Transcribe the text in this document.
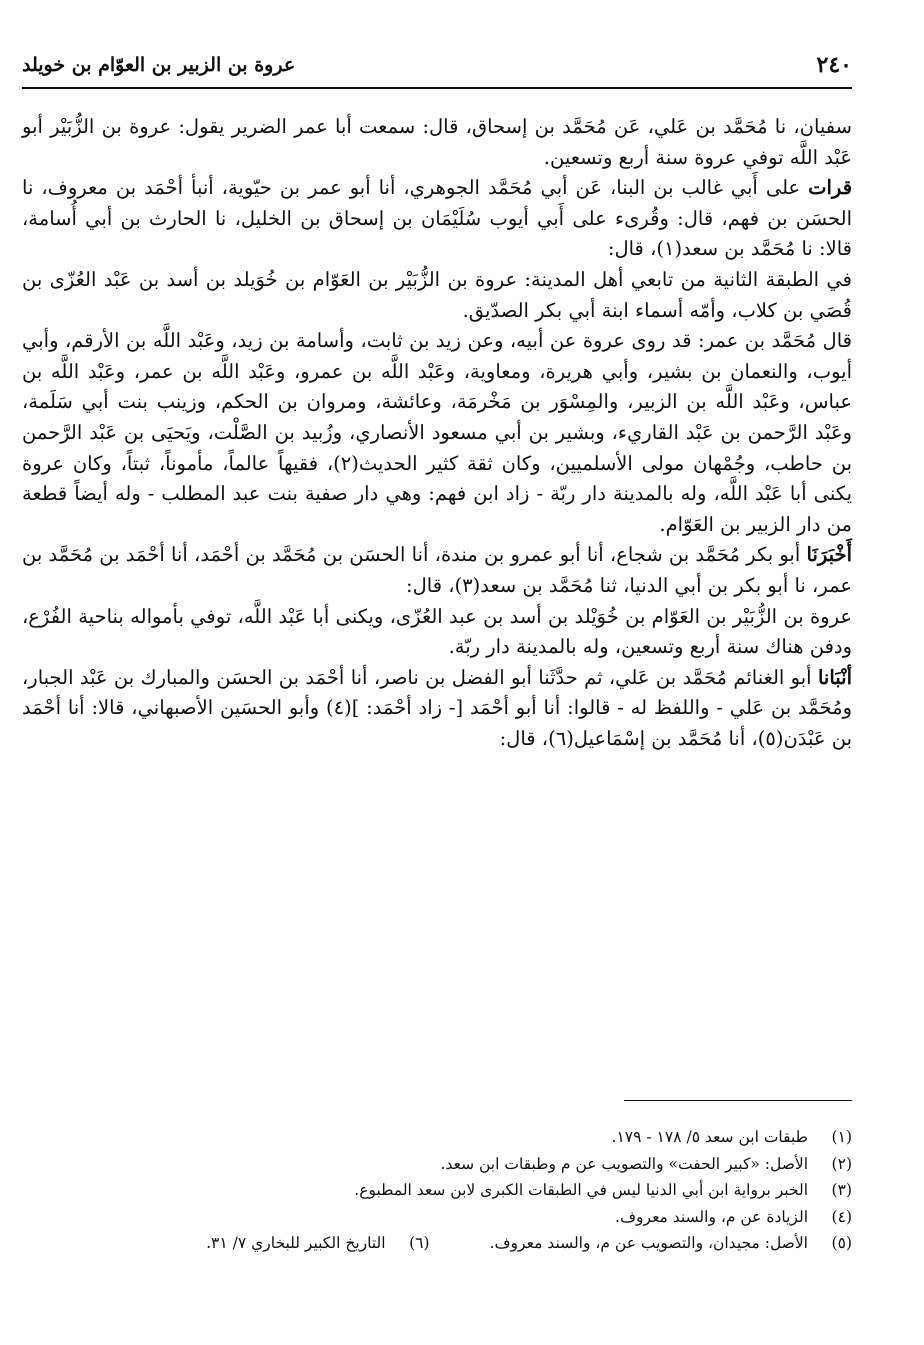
٢٤٠
عروة بن الزبير بن العوّام بن خويلد

سفيان، نا مُحَمَّد بن عَلي، عَن مُحَمَّد بن إسحاق، قال: سمعت أبا عمر الضرير يقول: عروة بن الزُّبَيْر أبو عَبْد اللَّه توفي عروة سنة أربع وتسعين.

قرات على أَبي غالب بن البنا، عَن أبي مُحَمَّد الجوهري، أنا أبو عمر بن حيّوية، أنبأ أحْمَد بن معروف، نا الحسَن بن فهم، قال: وقُرىء على أَبي أيوب سُلَيْمَان بن إسحاق بن الخليل، نا الحارث بن أبي أُسامة، قالا: نا مُحَمَّد بن سعد(١)، قال:

في الطبقة الثانية من تابعي أهل المدينة: عروة بن الزُّبَيْر بن العَوّام بن خُوَيلد بن أسد بن عَبْد العُزّى بن قُصَي بن كلاب، وأمّه أسماء ابنة أبي بكر الصدّيق.

قال مُحَمَّد بن عمر: قد روى عروة عن أبيه، وعن زيد بن ثابت، وأسامة بن زيد، وعَبْد اللَّه بن الأرقم، وأبي أيوب، والنعمان بن بشير، وأبي هريرة، ومعاوية، وعَبْد اللَّه بن عمرو، وعَبْد اللَّه بن عمر، وعَبْد اللَّه بن عباس، وعَبْد اللَّه بن الزبير، والمِسْوَر بن مَخْرمَة، وعائشة، ومروان بن الحكم، وزينب بنت أبي سَلَمة، وعَبْد الرَّحمن بن عَبْد القاريء، وبشير بن أبي مسعود الأنصاري، وزُبيد بن الصَّلْت، ويَحيَى بن عَبْد الرَّحمن بن حاطب، وجُمْهان مولى الأسلميين، وكان ثقة كثير الحديث(٢)، فقيهاً عالماً، مأموناً، ثبتاً، وكان عروة يكنى أبا عَبْد اللَّه، وله بالمدينة دار ربّة - زاد ابن فهم: وهي دار صفية بنت عبد المطلب - وله أيضاً قطعة من دار الزبير بن العَوّام.

أَخْبَرَنَا أبو بكر مُحَمَّد بن شجاع، أنا أبو عمرو بن مندة، أنا الحسَن بن مُحَمَّد بن أحْمَد، أنا أحْمَد بن مُحَمَّد بن عمر، نا أبو بكر بن أبي الدنيا، ثنا مُحَمَّد بن سعد(٣)، قال:

عروة بن الزُّبَيْر بن العَوّام بن خُوَيْلد بن أسد بن عبد العُزّى، ويكنى أبا عَبْد اللَّه، توفي بأمواله بناحية الفُرْع، ودفن هناك سنة أربع وتسعين، وله بالمدينة دار ربّة.

أنْبَانا أبو الغنائم مُحَمَّد بن عَلي، ثم حدَّثَنا أبو الفضل بن ناصر، أنا أحْمَد بن الحسَن والمبارك بن عَبْد الجبار، ومُحَمَّد بن عَلي - واللفظ له - قالوا: أنا أبو أحْمَد [- زاد أحْمَد: ](٤) وأبو الحسَين الأصبهاني، قالا: أنا أحْمَد بن عَبْدَن(٥)، أنا مُحَمَّد بن إسْمَاعيل(٦)، قال:

(١)
طبقات ابن سعد ٥/ ١٧٨ - ١٧٩.
(٢)
الأصل: «كبير الحفت» والتصويب عن م وطبقات ابن سعد.
(٣)
الخبر برواية ابن أبي الدنيا ليس في الطبقات الكبرى لابن سعد المطبوع.
(٤)
الزيادة عن م، والسند معروف.
(٥)
الأصل: مجيدان، والتصويب عن م، والسند معروف.
(٦)
التاريخ الكبير للبخاري ٧/ ٣١.
